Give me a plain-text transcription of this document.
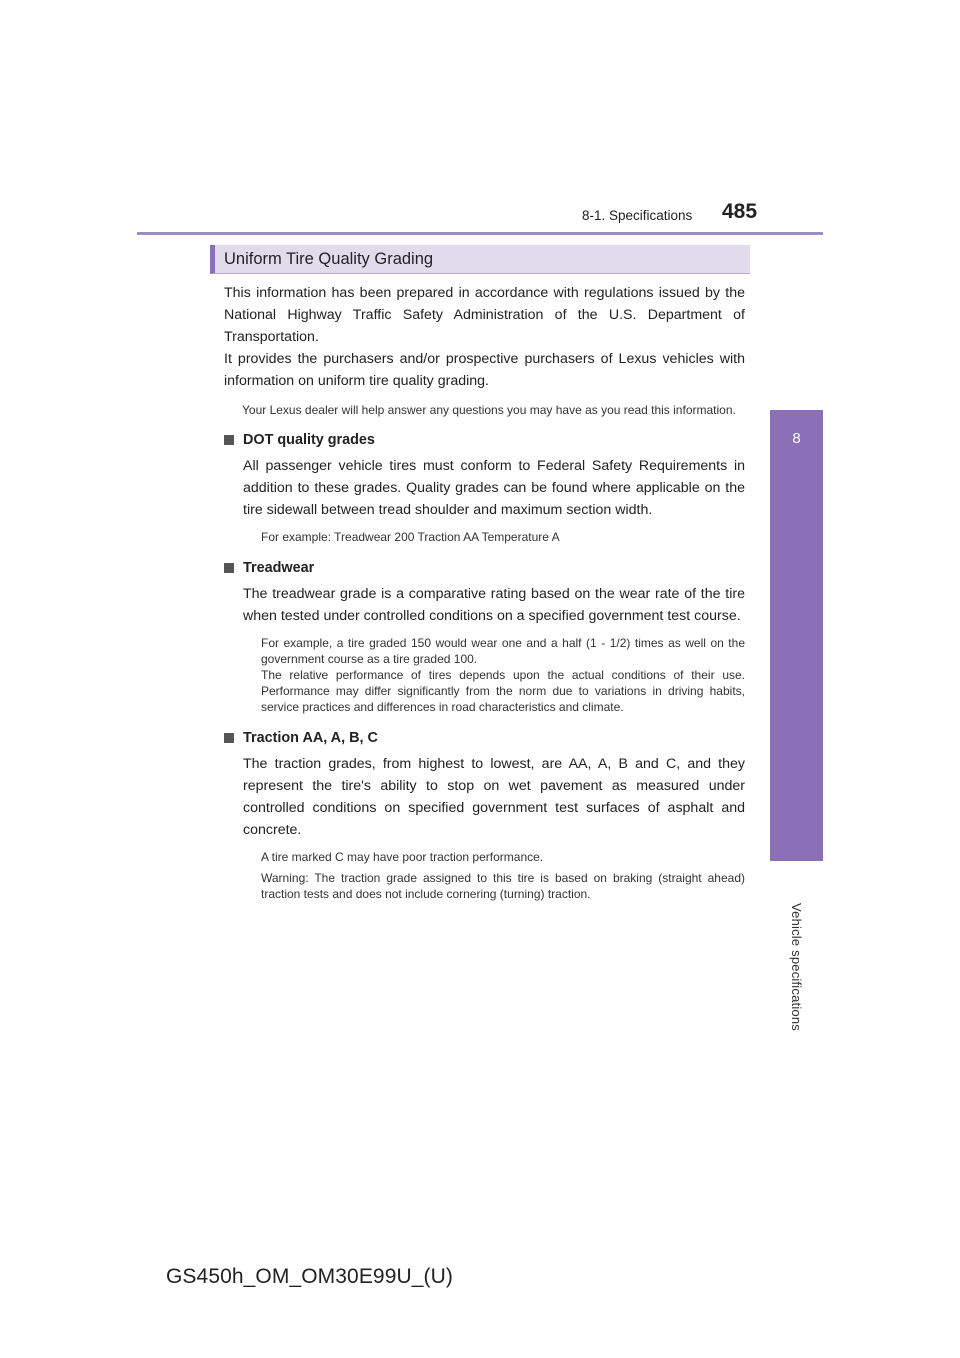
8-1. Specifications 485
8
Vehicle specifications
Uniform Tire Quality Grading

This information has been prepared in accordance with regulations issued by the National Highway Traffic Safety Administration of the U.S. Department of Transportation.

It provides the purchasers and/or prospective purchasers of Lexus vehicles with information on uniform tire quality grading.

Your Lexus dealer will help answer any questions you may have as you read this information.

DOT quality grades

All passenger vehicle tires must conform to Federal Safety Requirements in addition to these grades. Quality grades can be found where applicable on the tire sidewall between tread shoulder and maximum section width.

For example: Treadwear 200 Traction AA Temperature A

Treadwear

The treadwear grade is a comparative rating based on the wear rate of the tire when tested under controlled conditions on a specified government test course.

For example, a tire graded 150 would wear one and a half (1 - 1/2) times as well on the government course as a tire graded 100.

The relative performance of tires depends upon the actual conditions of their use. Performance may differ significantly from the norm due to variations in driving habits, service practices and differences in road characteristics and climate.

Traction AA, A, B, C

The traction grades, from highest to lowest, are AA, A, B and C, and they represent the tire's ability to stop on wet pavement as measured under controlled conditions on specified government test surfaces of asphalt and concrete.

A tire marked C may have poor traction performance.

Warning: The traction grade assigned to this tire is based on braking (straight ahead) traction tests and does not include cornering (turning) traction.

GS450h_OM_OM30E99U_(U)
